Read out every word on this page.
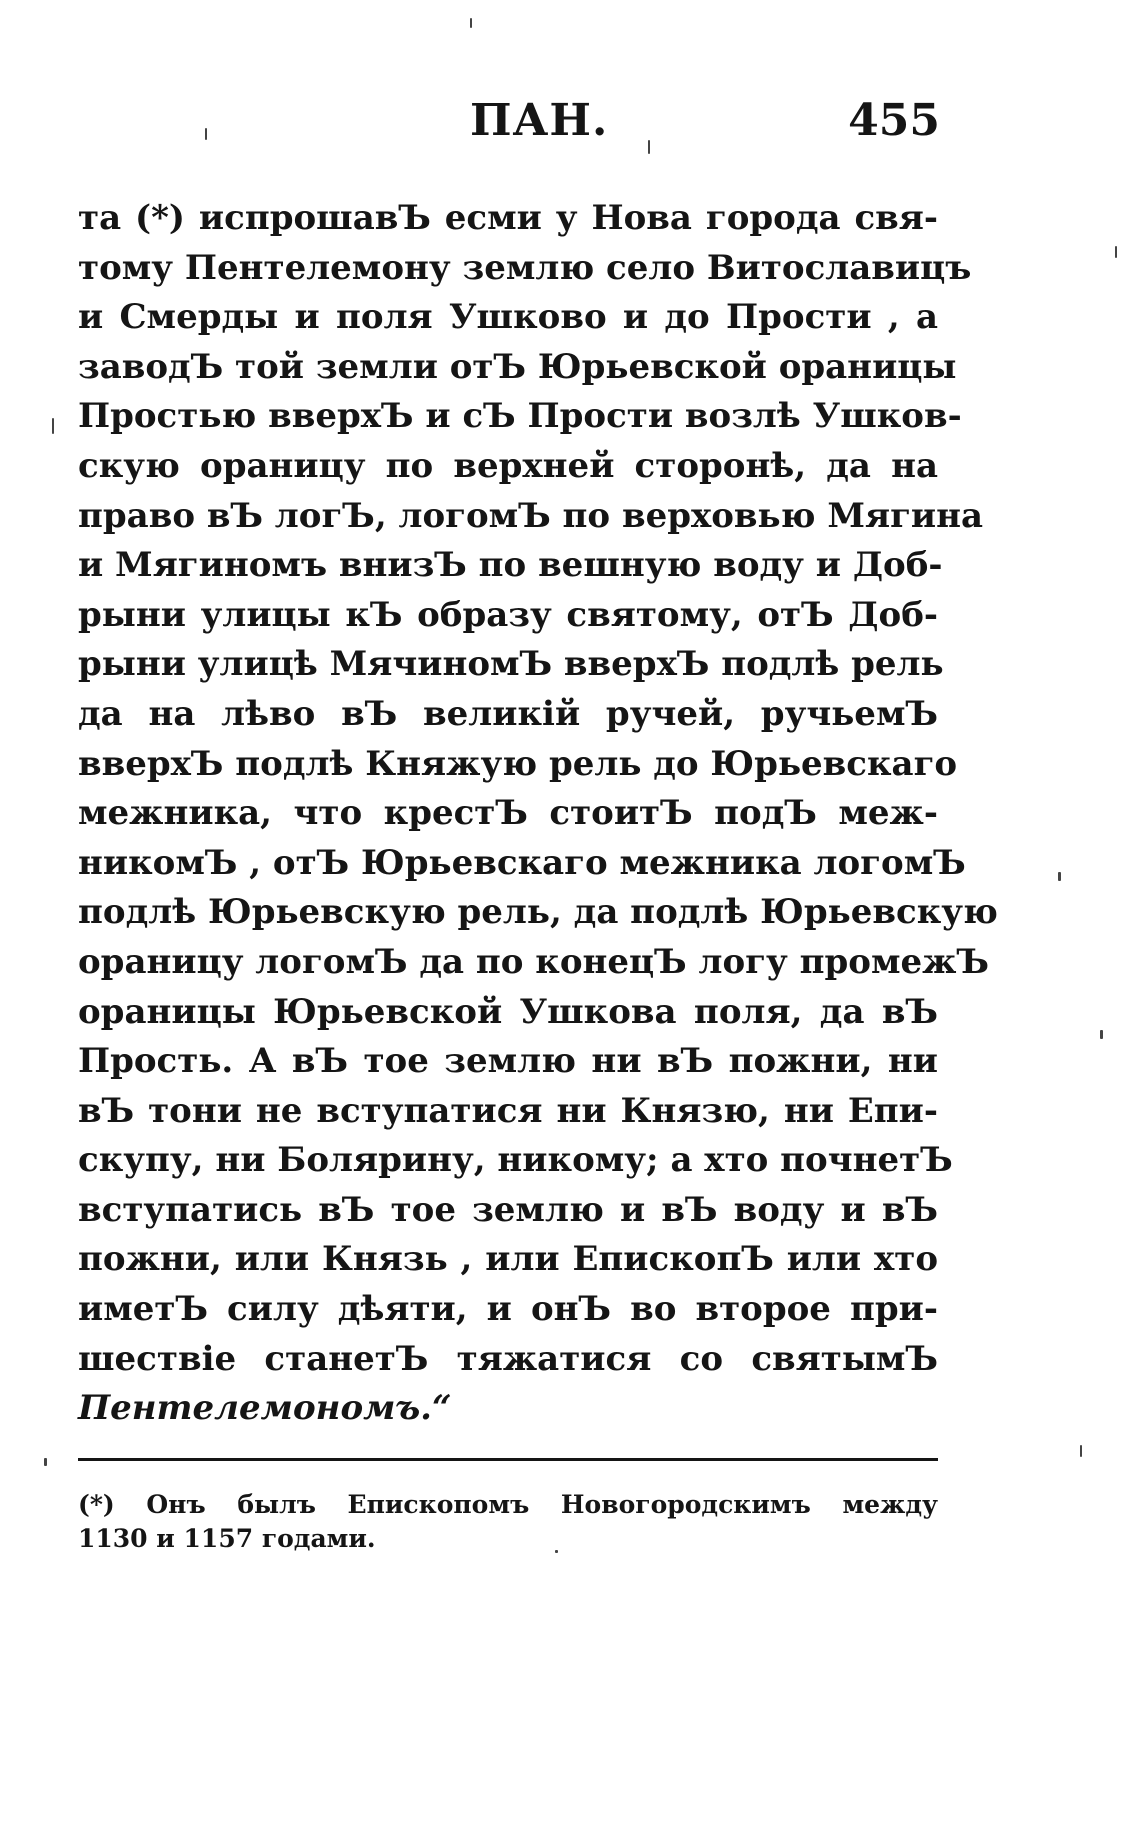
ПАН.	455
та (*) испрошавЪ есми у Нова города свя-
тому Пентелемону землю село Витославицъ
и Смерды и поля Ушково и до Прости , а
заводЪ той земли отЪ Юрьевской ораницы
Простью вверхЪ и сЪ Прости возлѣ Ушков-
скую ораницу по верхней сторонѣ, да на
право вЪ логЪ, логомЪ по верховью Мягина
и Мягиномъ внизЪ по вешную воду и Доб-
рыни улицы кЪ образу святому, отЪ Доб-
рыни улицѣ МячиномЪ вверхЪ подлѣ рель
да на лѣво вЪ великій ручей, ручьемЪ
вверхЪ подлѣ Княжую рель до Юрьевскаго
межника, что крестЪ стоитЪ подЪ меж-
никомЪ , отЪ Юрьевскаго межника логомЪ
подлѣ Юрьевскую рель, да подлѣ Юрьевскую
ораницу логомЪ да по конецЪ логу промежЪ
ораницы Юрьевской Ушкова поля, да вЪ
Прость. А вЪ тое землю ни вЪ пожни, ни
вЪ тони не вступатися ни Князю, ни Епи-
скупу, ни Болярину, никому; а хто почнетЪ
вступатись вЪ тое землю и вЪ воду и вЪ
пожни, или Князь , или ЕпископЪ или хто
иметЪ силу дѣяти, и онЪ во второе при-
шествіе станетЪ тяжатися со святымЪ
Пентелемономъ.“
(*) Онъ былъ Епископомъ Новогородскимъ между
1130 и 1157 годами.
